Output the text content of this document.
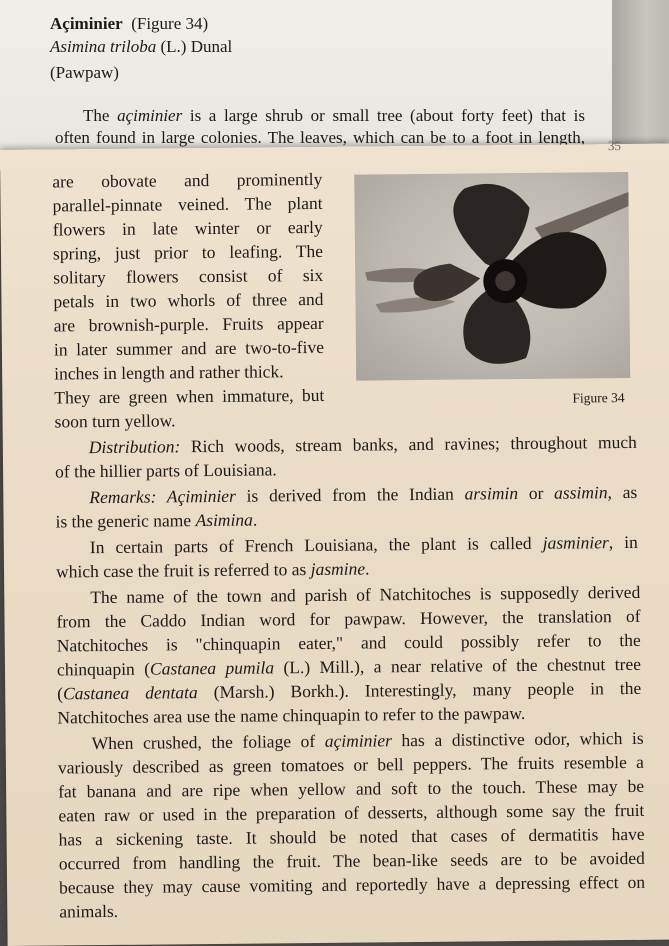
Açiminier (Figure 34)
Asimina triloba (L.) Dunal
(Pawpaw)
The açiminier is a large shrub or small tree (about forty feet) that is
often found in large colonies. The leaves, which can be to a foot in length, 35
Figure 34
are obovate and prominently
parallel-pinnate veined. The plant
flowers in late winter or early
spring, just prior to leafing. The
solitary flowers consist of six
petals in two whorls of three and
are brownish-purple. Fruits appear
in later summer and are two-to-five
inches in length and rather thick.
They are green when immature, but
soon turn yellow.
Distribution: Rich woods, stream banks, and ravines; throughout much
of the hillier parts of Louisiana.
Remarks: Açiminier is derived from the Indian arsimin or assimin, as
is the generic name Asimina.
In certain parts of French Louisiana, the plant is called jasminier, in
which case the fruit is referred to as jasmine.
The name of the town and parish of Natchitoches is supposedly derived
from the Caddo Indian word for pawpaw. However, the translation of
Natchitoches is "chinquapin eater," and could possibly refer to the
chinquapin (Castanea pumila (L.) Mill.), a near relative of the chestnut tree
(Castanea dentata (Marsh.) Borkh.). Interestingly, many people in the
Natchitoches area use the name chinquapin to refer to the pawpaw.
When crushed, the foliage of açiminier has a distinctive odor, which is
variously described as green tomatoes or bell peppers. The fruits resemble a
fat banana and are ripe when yellow and soft to the touch. These may be
eaten raw or used in the preparation of desserts, although some say the fruit
has a sickening taste. It should be noted that cases of dermatitis have
occurred from handling the fruit. The bean-like seeds are to be avoided
because they may cause vomiting and reportedly have a depressing effect on
animals.
